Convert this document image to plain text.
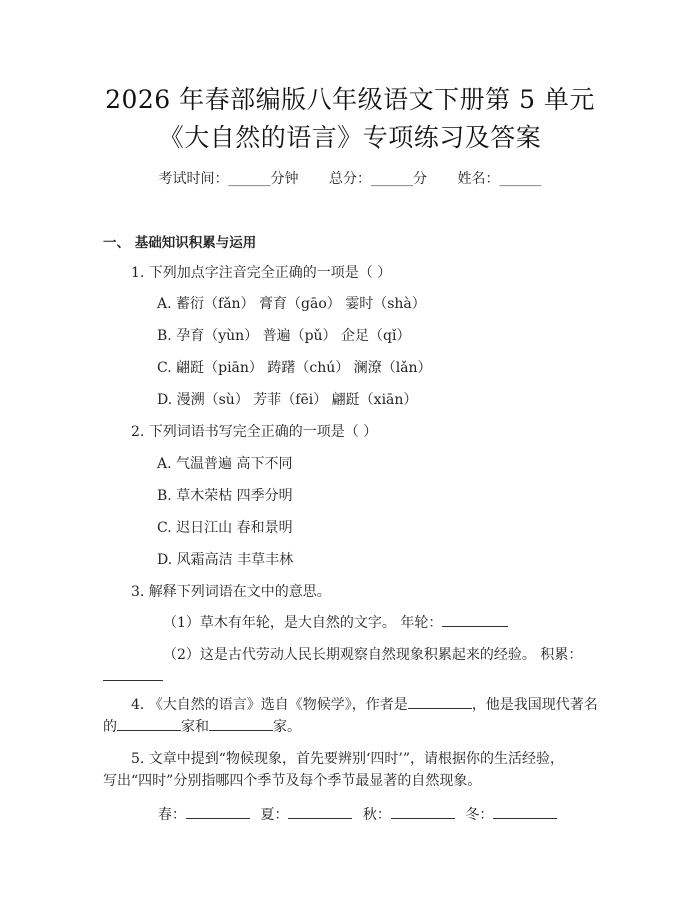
2026 年春部编版八年级语文下册第 5 单元
《大自然的语言》专项练习及答案
考试时间：______分钟 总分：______分 姓名：______
一、 基础知识积累与运用
1. 下列加点字注音完全正确的一项是（ ）
A. 蓄衍（fǎn） 膏育（gāo） 霎时（shà）
B. 孕育（yùn） 普遍（pǔ） 企足（qǐ）
C. 翩跹（piān） 踌躇（chú） 澜潦（lǎn）
D. 漫溯（sù） 芳菲（fēi） 翩跹（xiān）
2. 下列词语书写完全正确的一项是（ ）
A. 气温普遍 高下不同
B. 草木荣枯 四季分明
C. 迟日江山 春和景明
D. 风霜高洁 丰草丰林
3. 解释下列词语在文中的意思。
（1）草木有年轮，是大自然的文字。 年轮：
（2）这是古代劳动人民长期观察自然现象积累起来的经验。 积累：
4. 《大自然的语言》选自《物候学》，作者是	，他是我国现代著名
的	家和	家。
5. 文章中提到“物候现象，首先要辨别‘四时’”，请根据你的生活经验，
写出“四时”分别指哪四个季节及每个季节最显著的自然现象。
春：	夏：	秋：	冬：
